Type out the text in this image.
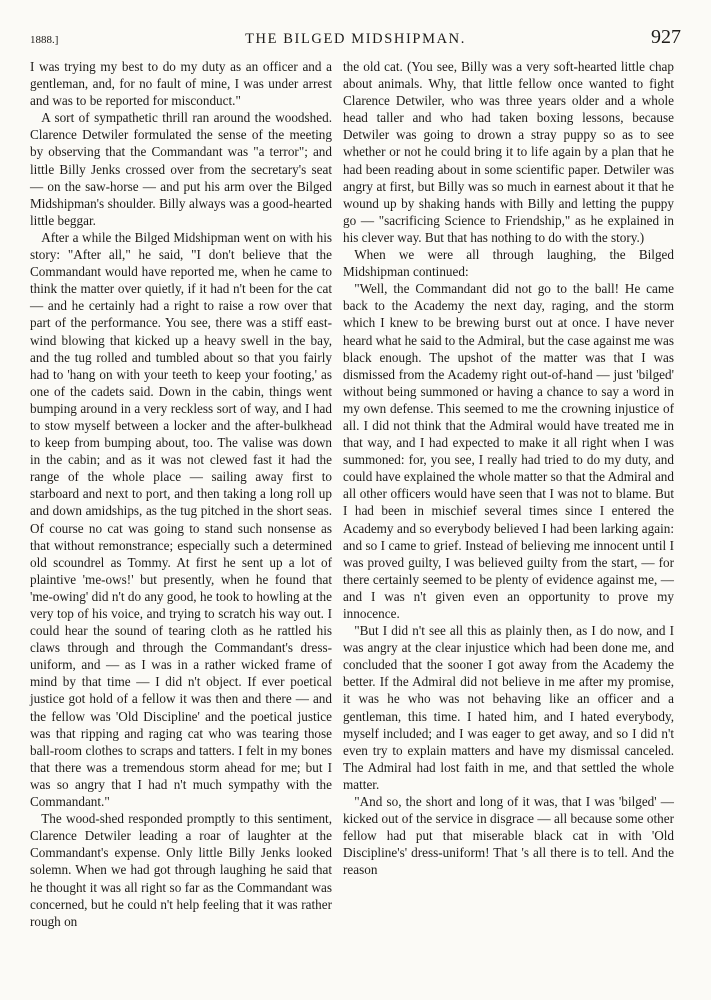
1888.]	THE BILGED MIDSHIPMAN.	927

I was trying my best to do my duty as an officer and a gentleman, and, for no fault of mine, I was under arrest and was to be reported for misconduct."

A sort of sympathetic thrill ran around the woodshed. Clarence Detwiler formulated the sense of the meeting by observing that the Commandant was "a terror"; and little Billy Jenks crossed over from the secretary's seat — on the saw-horse — and put his arm over the Bilged Midshipman's shoulder. Billy always was a good-hearted little beggar.

After a while the Bilged Midshipman went on with his story: "After all," he said, "I don't believe that the Commandant would have reported me, when he came to think the matter over quietly, if it had n't been for the cat — and he certainly had a right to raise a row over that part of the performance. You see, there was a stiff east-wind blowing that kicked up a heavy swell in the bay, and the tug rolled and tumbled about so that you fairly had to 'hang on with your teeth to keep your footing,' as one of the cadets said. Down in the cabin, things went bumping around in a very reckless sort of way, and I had to stow myself between a locker and the after-bulkhead to keep from bumping about, too. The valise was down in the cabin; and as it was not clewed fast it had the range of the whole place — sailing away first to starboard and next to port, and then taking a long roll up and down amidships, as the tug pitched in the short seas. Of course no cat was going to stand such nonsense as that without remonstrance; especially such a determined old scoundrel as Tommy. At first he sent up a lot of plaintive 'me-ows!' but presently, when he found that 'me-owing' did n't do any good, he took to howling at the very top of his voice, and trying to scratch his way out. I could hear the sound of tearing cloth as he rattled his claws through and through the Commandant's dress-uniform, and — as I was in a rather wicked frame of mind by that time — I did n't object. If ever poetical justice got hold of a fellow it was then and there — and the fellow was 'Old Discipline' and the poetical justice was that ripping and raging cat who was tearing those ball-room clothes to scraps and tatters. I felt in my bones that there was a tremendous storm ahead for me; but I was so angry that I had n't much sympathy with the Commandant."

The wood-shed responded promptly to this sentiment, Clarence Detwiler leading a roar of laughter at the Commandant's expense. Only little Billy Jenks looked solemn. When we had got through laughing he said that he thought it was all right so far as the Commandant was concerned, but he could n't help feeling that it was rather rough on

the old cat. (You see, Billy was a very soft-hearted little chap about animals. Why, that little fellow once wanted to fight Clarence Detwiler, who was three years older and a whole head taller and who had taken boxing lessons, because Detwiler was going to drown a stray puppy so as to see whether or not he could bring it to life again by a plan that he had been reading about in some scientific paper. Detwiler was angry at first, but Billy was so much in earnest about it that he wound up by shaking hands with Billy and letting the puppy go — "sacrificing Science to Friendship," as he explained in his clever way. But that has nothing to do with the story.)

When we were all through laughing, the Bilged Midshipman continued:

"Well, the Commandant did not go to the ball! He came back to the Academy the next day, raging, and the storm which I knew to be brewing burst out at once. I have never heard what he said to the Admiral, but the case against me was black enough. The upshot of the matter was that I was dismissed from the Academy right out-of-hand — just 'bilged' without being summoned or having a chance to say a word in my own defense. This seemed to me the crowning injustice of all. I did not think that the Admiral would have treated me in that way, and I had expected to make it all right when I was summoned: for, you see, I really had tried to do my duty, and could have explained the whole matter so that the Admiral and all other officers would have seen that I was not to blame. But I had been in mischief several times since I entered the Academy and so everybody believed I had been larking again: and so I came to grief. Instead of believing me innocent until I was proved guilty, I was believed guilty from the start, — for there certainly seemed to be plenty of evidence against me, — and I was n't given even an opportunity to prove my innocence.

"But I did n't see all this as plainly then, as I do now, and I was angry at the clear injustice which had been done me, and concluded that the sooner I got away from the Academy the better. If the Admiral did not believe in me after my promise, it was he who was not behaving like an officer and a gentleman, this time. I hated him, and I hated everybody, myself included; and I was eager to get away, and so I did n't even try to explain matters and have my dismissal canceled. The Admiral had lost faith in me, and that settled the whole matter.

"And so, the short and long of it was, that I was 'bilged' — kicked out of the service in disgrace — all because some other fellow had put that miserable black cat in with 'Old Discipline's' dress-uniform! That 's all there is to tell. And the reason
